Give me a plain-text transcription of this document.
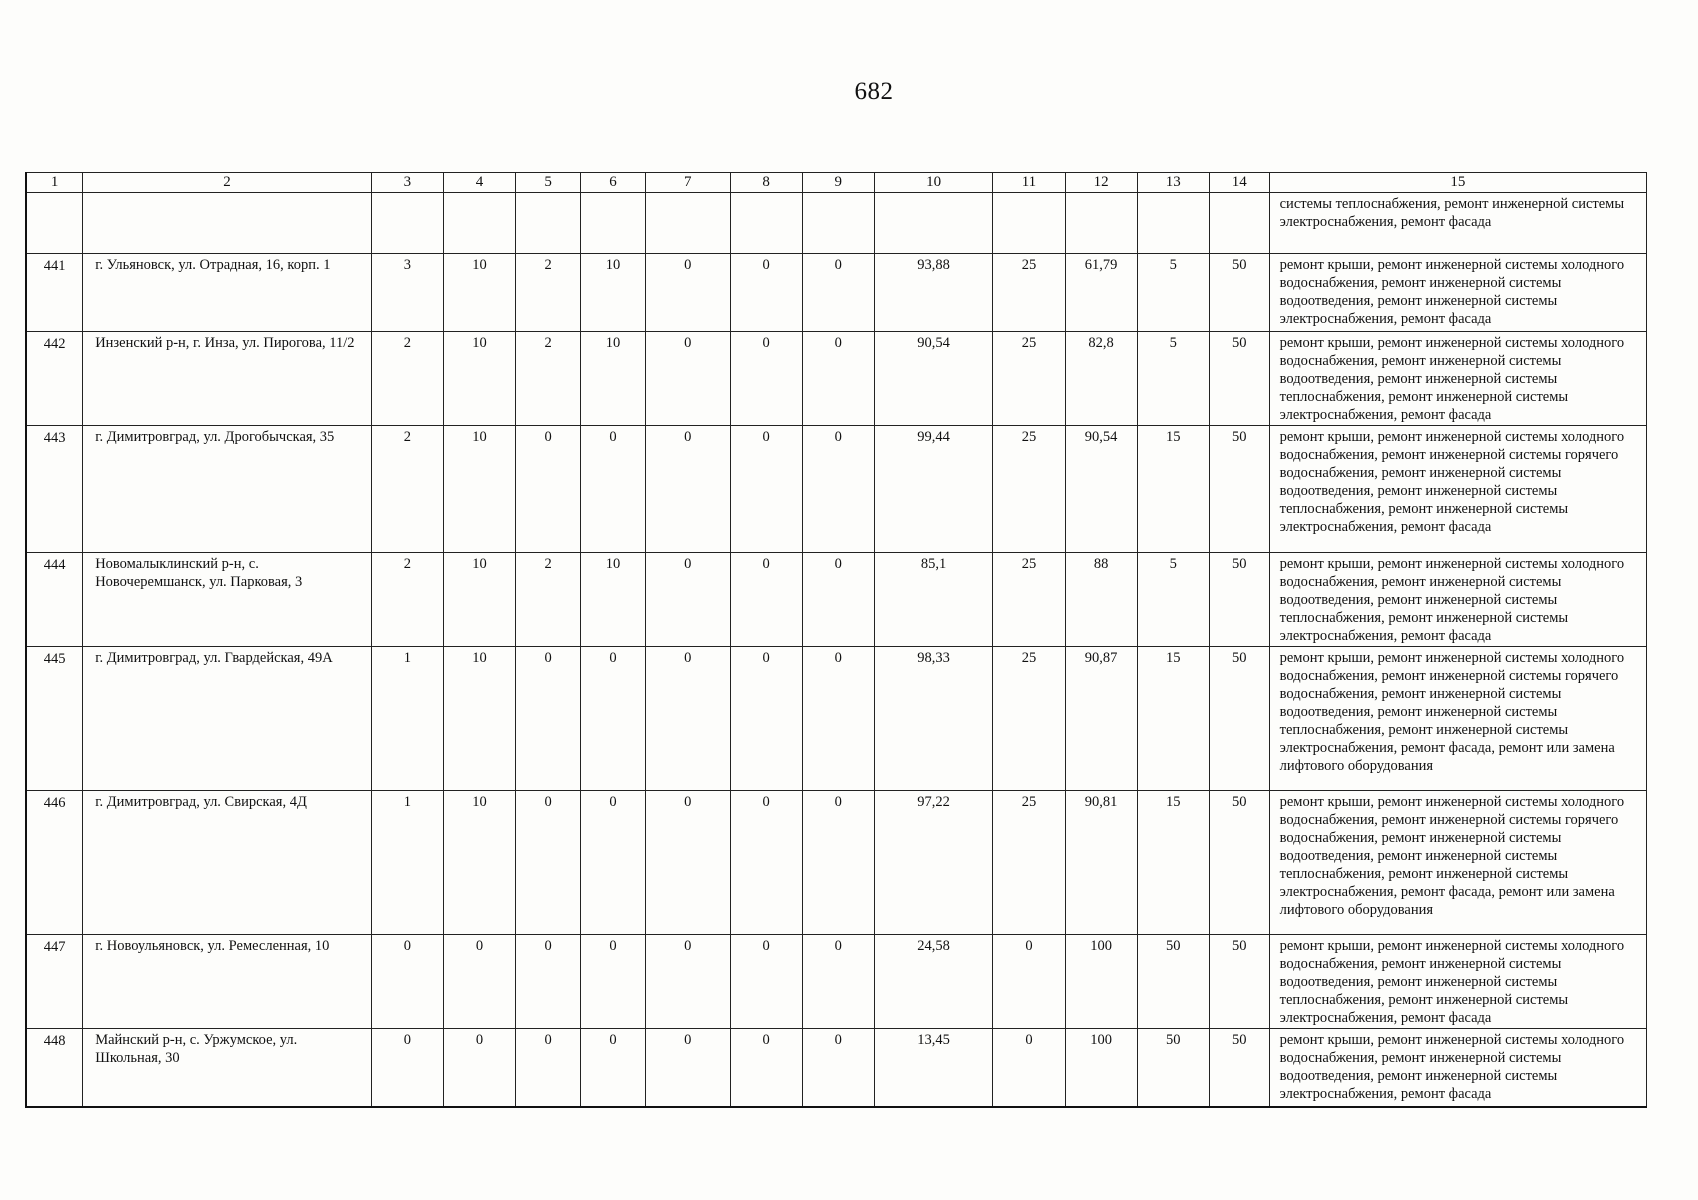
682
1	2	3	4	5	6	7	8	9	10	11	12	13	14	15
														системы теплоснабжения, ремонт инженерной системы электроснабжения, ремонт фасада
441	г. Ульяновск, ул. Отрадная, 16, корп. 1	3	10	2	10	0	0	0	93,88	25	61,79	5	50	ремонт крыши, ремонт инженерной системы холодного водоснабжения, ремонт инженерной системы водоотведения, ремонт инженерной системы электроснабжения, ремонт фасада
442	Инзенский р-н, г. Инза, ул. Пирогова, 11/2	2	10	2	10	0	0	0	90,54	25	82,8	5	50	ремонт крыши, ремонт инженерной системы холодного водоснабжения, ремонт инженерной системы водоотведения, ремонт инженерной системы теплоснабжения, ремонт инженерной системы электроснабжения, ремонт фасада
443	г. Димитровград, ул. Дрогобычская, 35	2	10	0	0	0	0	0	99,44	25	90,54	15	50	ремонт крыши, ремонт инженерной системы холодного водоснабжения, ремонт инженерной системы горячего водоснабжения, ремонт инженерной системы водоотведения, ремонт инженерной системы теплоснабжения, ремонт инженерной системы электроснабжения, ремонт фасада
444	Новомалыклинский р-н, с. Новочеремшанск, ул. Парковая, 3	2	10	2	10	0	0	0	85,1	25	88	5	50	ремонт крыши, ремонт инженерной системы холодного водоснабжения, ремонт инженерной системы водоотведения, ремонт инженерной системы теплоснабжения, ремонт инженерной системы электроснабжения, ремонт фасада
445	г. Димитровград, ул. Гвардейская, 49А	1	10	0	0	0	0	0	98,33	25	90,87	15	50	ремонт крыши, ремонт инженерной системы холодного водоснабжения, ремонт инженерной системы горячего водоснабжения, ремонт инженерной системы водоотведения, ремонт инженерной системы теплоснабжения, ремонт инженерной системы электроснабжения, ремонт фасада, ремонт или замена лифтового оборудования
446	г. Димитровград, ул. Свирская, 4Д	1	10	0	0	0	0	0	97,22	25	90,81	15	50	ремонт крыши, ремонт инженерной системы холодного водоснабжения, ремонт инженерной системы горячего водоснабжения, ремонт инженерной системы водоотведения, ремонт инженерной системы теплоснабжения, ремонт инженерной системы электроснабжения, ремонт фасада, ремонт или замена лифтового оборудования
447	г. Новоульяновск, ул. Ремесленная, 10	0	0	0	0	0	0	0	24,58	0	100	50	50	ремонт крыши, ремонт инженерной системы холодного водоснабжения, ремонт инженерной системы водоотведения, ремонт инженерной системы теплоснабжения, ремонт инженерной системы электроснабжения, ремонт фасада
448	Майнский р-н, с. Уржумское, ул. Школьная, 30	0	0	0	0	0	0	0	13,45	0	100	50	50	ремонт крыши, ремонт инженерной системы холодного водоснабжения, ремонт инженерной системы водоотведения, ремонт инженерной системы электроснабжения, ремонт фасада
